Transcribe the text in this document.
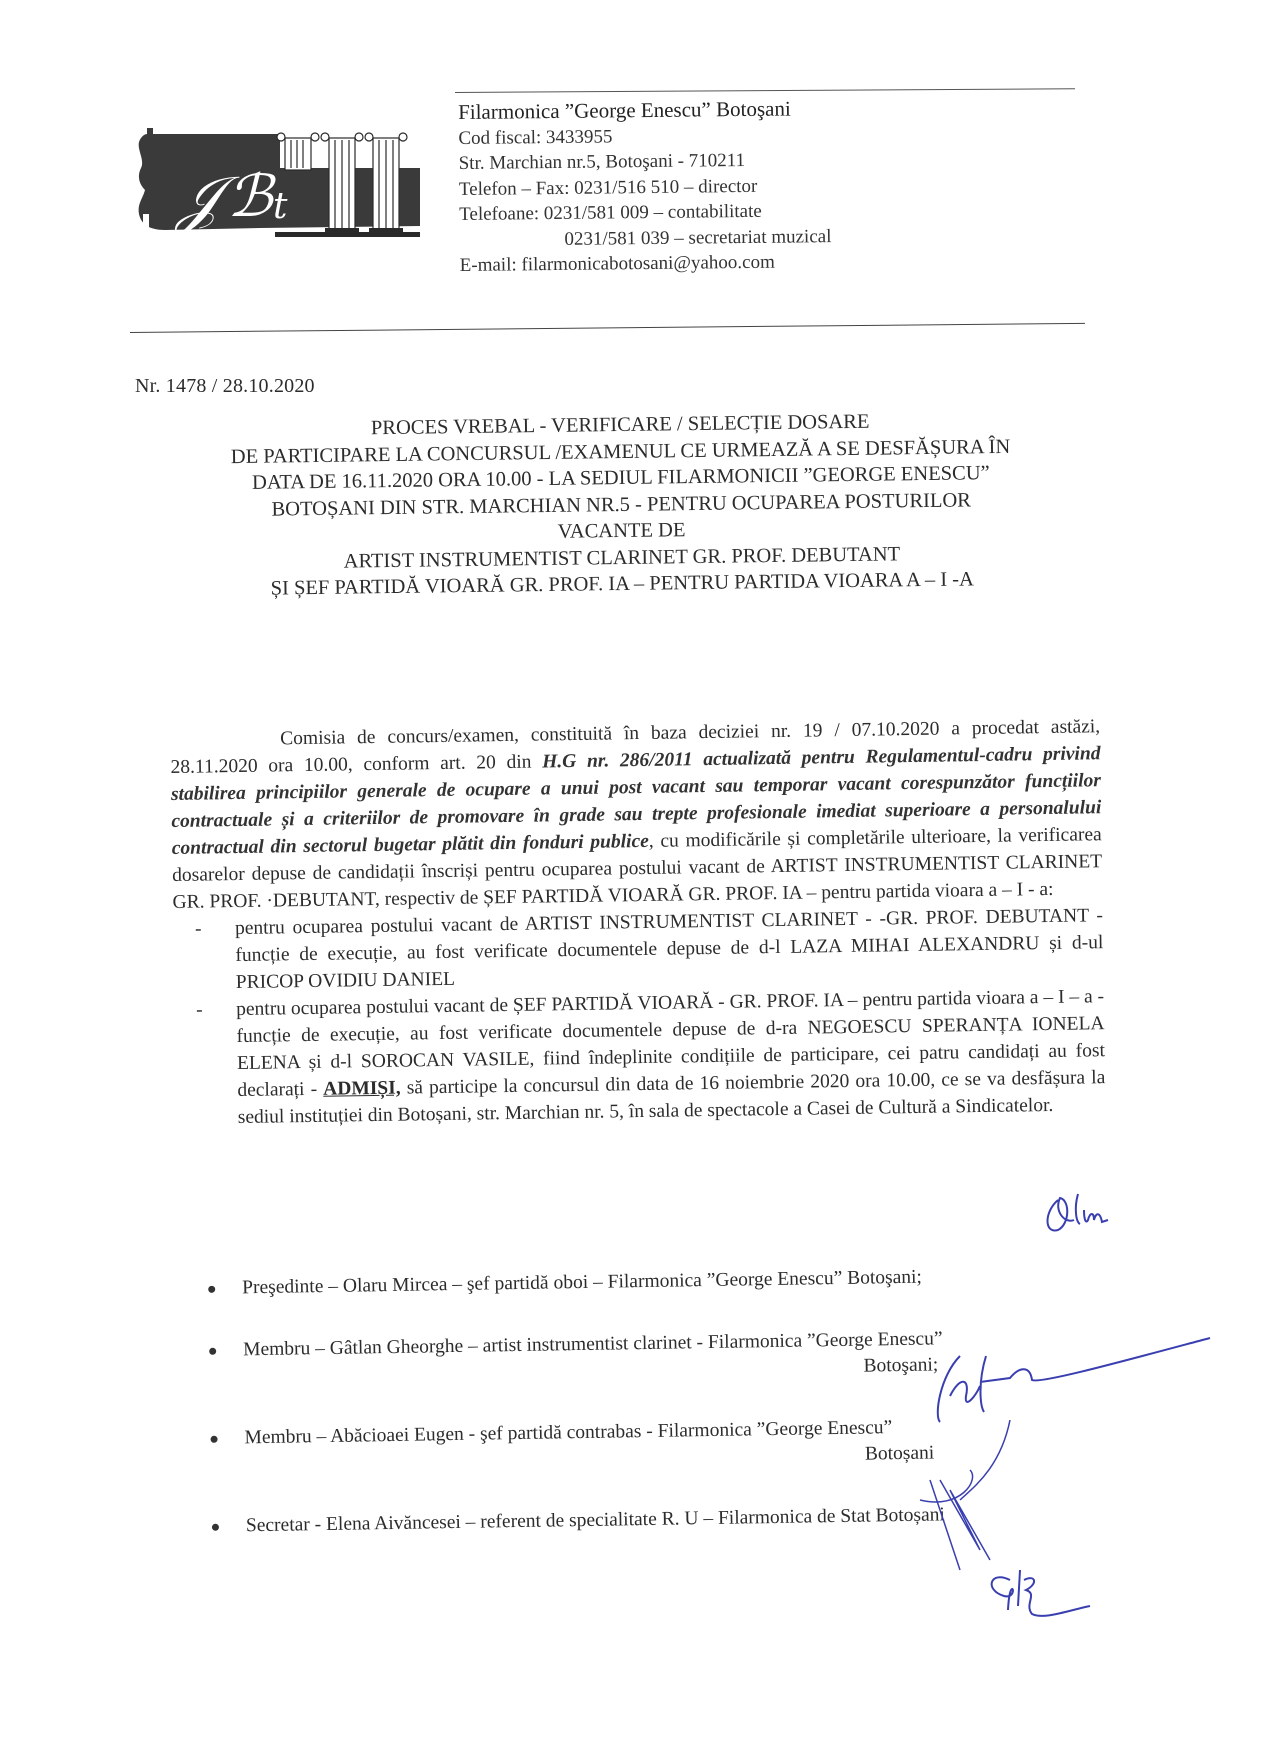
𝒥 ℬ t
Filarmonica ”George Enescu” Botoşani
Cod fiscal: 3433955
Str. Marchian nr.5, Botoşani - 710211
Telefon – Fax: 0231/516 510 – director
Telefoane: 0231/581 009 – contabilitate
0231/581 039 – secretariat muzical
E-mail: filarmonicabotosani@yahoo.com
Nr. 1478 / 28.10.2020
PROCES VREBAL - VERIFICARE / SELECȚIE DOSARE
DE PARTICIPARE LA CONCURSUL /EXAMENUL CE URMEAZĂ A SE DESFĂȘURA ÎN
DATA DE 16.11.2020 ORA 10.00 - LA SEDIUL FILARMONICII ”GEORGE ENESCU”
BOTOȘANI DIN STR. MARCHIAN NR.5 - PENTRU OCUPAREA POSTURILOR
VACANTE DE
ARTIST INSTRUMENTIST CLARINET GR. PROF. DEBUTANT
ȘI ȘEF PARTIDĂ VIOARĂ GR. PROF. IA – PENTRU PARTIDA VIOARA A – I -A

Comisia de concurs/examen, constituită în baza deciziei nr. 19 / 07.10.2020 a procedat astăzi, 28.11.2020 ora 10.00, conform art. 20 din H.G nr. 286/2011 actualizată pentru Regulamentul-cadru privind stabilirea principiilor generale de ocupare a unui post vacant sau temporar vacant corespunzător funcțiilor contractuale și a criteriilor de promovare în grade sau trepte profesionale imediat superioare a personalului contractual din sectorul bugetar plătit din fonduri publice, cu modificările și completările ulterioare, la verificarea dosarelor depuse de candidații înscriși pentru ocuparea postului vacant de ARTIST INSTRUMENTIST CLARINET GR. PROF. ·DEBUTANT, respectiv de ȘEF PARTIDĂ VIOARĂ GR. PROF. IA – pentru partida vioara a – I - a:

- pentru ocuparea postului vacant de ARTIST INSTRUMENTIST CLARINET - -GR. PROF. DEBUTANT - funcție de execuție, au fost verificate documentele depuse de d-l LAZA MIHAI ALEXANDRU și d-ul PRICOP OVIDIU DANIEL
- pentru ocuparea postului vacant de ȘEF PARTIDĂ VIOARĂ - GR. PROF. IA – pentru partida vioara a – I – a - funcție de execuție, au fost verificate documentele depuse de d-ra NEGOESCU SPERANȚA IONELA ELENA și d-l SOROCAN VASILE, fiind îndeplinite condițiile de participare, cei patru candidați au fost declarați - ADMIȘI, să participe la concursul din data de 16 noiembrie 2020 ora 10.00, ce se va desfășura la sediul instituției din Botoșani, str. Marchian nr. 5, în sala de spectacole a Casei de Cultură a Sindicatelor.
Preşedinte – Olaru Mircea – şef partidă oboi – Filarmonica ”George Enescu” Botoşani;
Membru – Gâtlan Gheorghe – artist instrumentist clarinet - Filarmonica ”George Enescu”
Botoşani;
Membru – Abăcioaei Eugen - şef partidă contrabas - Filarmonica ”George Enescu”
Botoșani
Secretar - Elena Aivăncesei – referent de specialitate R. U – Filarmonica de Stat Botoșani
